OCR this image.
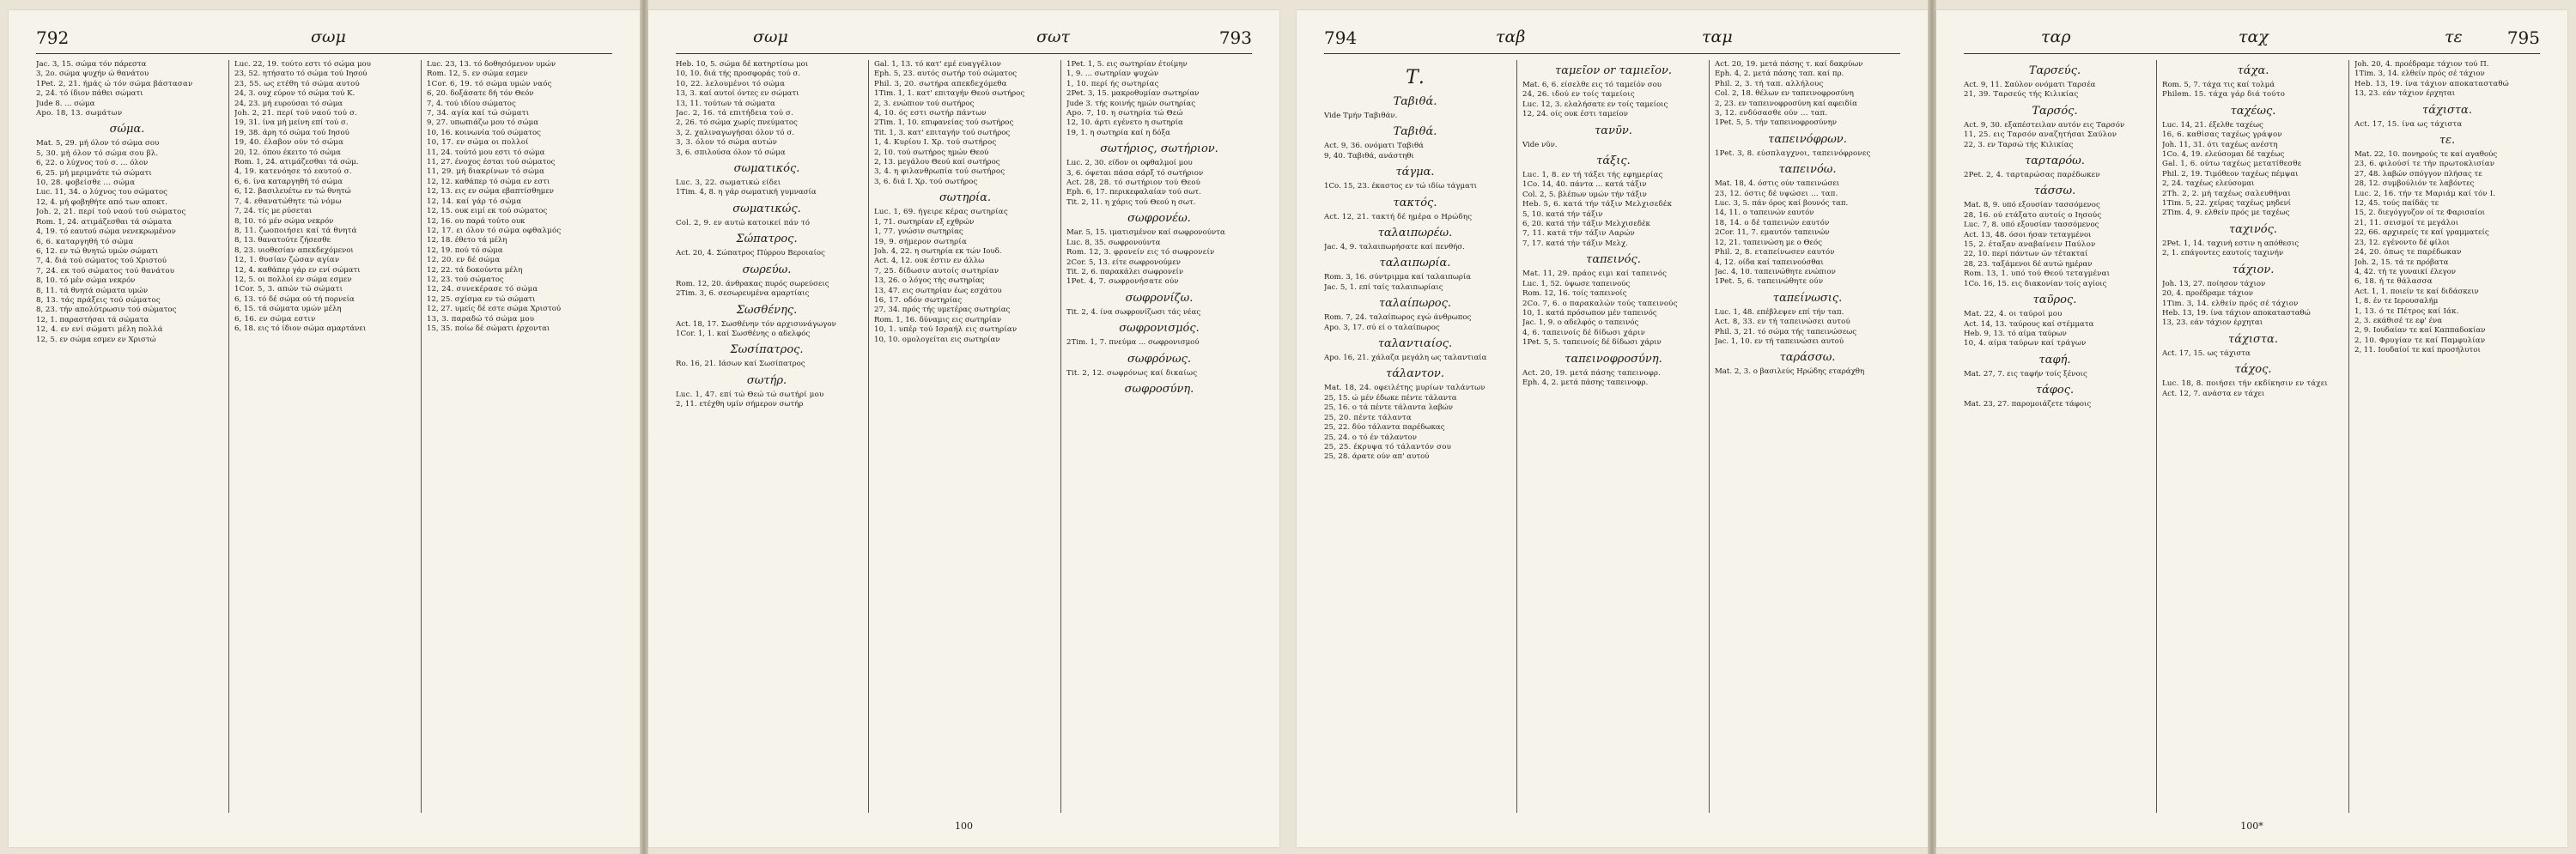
792	σωμ
Jac. 3, 15. σώμα τόν πάρεστα
3, 2ο. σώμα ψυχήν ώ θανάτου
1Pet. 2, 21. ήμάς ώ τόν σώμα βάστασαν
2, 24. τό ίδιον πάθει σώματι
Jude 8. ... σώμα
Apo. 18, 13. σωμάτων
σώμα.
Mat. 5, 29. μή όλον τό σώμα σου
5, 30. μή όλον τό σώμα σου βλ.
6, 22. ο λύχνος τού σ. ... όλον
6, 25. μή μεριμνάτε τώ σώματι
10, 28. φοβείσθε ... σώμα
Luc. 11, 34. ο λύχνος του σώματος
12, 4. μή φοβηθήτε από των αποκτ.
Joh. 2, 21. περί τού ναού τού σώματος
Rom. 1, 24. ατιμάζεσθαι τά σώματα
4, 19. τό εαυτού σώμα νενεκρωμένον
6, 6. καταργηθή τό σώμα
6, 12. εν τώ θνητώ υμών σώματι
7, 4. διά τού σώματος τού Χριστού
7, 24. εκ τού σώματος τού θανάτου
8, 10. τό μέν σώμα νεκρόν
8, 11. τά θνητά σώματα υμών
8, 13. τάς πράξεις τού σώματος
8, 23. τήν απολύτρωσιν τού σώματος
12, 1. παραστήσαι τά σώματα
12, 4. εν ενί σώματι μέλη πολλά
12, 5. εν σώμα εσμεν εν Χριστώ
Luc. 22, 19. τούτο εστι τό σώμα μου
23, 52. ητήσατο τό σώμα τού Ιησού
23, 55. ως ετέθη τό σώμα αυτού
24, 3. ουχ εύρον τό σώμα τού Κ.
24, 23. μή ευρούσαι τό σώμα
Joh. 2, 21. περί τού ναού τού σ.
19, 31. ίνα μή μείνη επί τού σ.
19, 38. άρη τό σώμα τού Ιησού
19, 40. έλαβον ούν τό σώμα
20, 12. όπου έκειτο τό σώμα
Rom. 1, 24. ατιμάζεσθαι τά σώμ.
4, 19. κατενόησε τό εαυτού σ.
6, 6. ίνα καταργηθή τό σώμα
6, 12. βασιλευέτω εν τώ θνητώ
7, 4. εθανατώθητε τώ νόμω
7, 24. τίς με ρύσεται
8, 10. τό μέν σώμα νεκρόν
8, 11. ζωοποιήσει καί τά θνητά
8, 13. θανατούτε ζήσεσθε
8, 23. υιοθεσίαν απεκδεχόμενοι
12, 1. θυσίαν ζώσαν αγίαν
12, 4. καθάπερ γάρ εν ενί σώματι
12, 5. οι πολλοί εν σώμα εσμεν
1Cor. 5, 3. απών τώ σώματι
6, 13. τό δέ σώμα ού τή πορνεία
6, 15. τά σώματα υμών μέλη
6, 16. εν σώμα εστιν
6, 18. εις τό ίδιον σώμα αμαρτάνει
Luc. 23, 13. τό δοθησόμενον υμών
Rom. 12, 5. εν σώμα εσμεν
1Cor. 6, 19. τό σώμα υμών ναός
6, 20. δοξάσατε δή τόν Θεόν
7, 4. τού ιδίου σώματος
7, 34. αγία καί τώ σώματι
9, 27. υπωπιάζω μου τό σώμα
10, 16. κοινωνία τού σώματος
10, 17. εν σώμα οι πολλοί
11, 24. τούτό μου εστι τό σώμα
11, 27. ένοχος έσται τού σώματος
11, 29. μή διακρίνων τό σώμα
12, 12. καθάπερ τό σώμα εν εστι
12, 13. εις εν σώμα εβαπτίσθημεν
12, 14. καί γάρ τό σώμα
12, 15. ουκ ειμί εκ τού σώματος
12, 16. ου παρά τούτο ουκ
12, 17. ει όλον τό σώμα οφθαλμός
12, 18. έθετο τά μέλη
12, 19. πού τό σώμα
12, 20. εν δέ σώμα
12, 22. τά δοκούντα μέλη
12, 23. τού σώματος
12, 24. συνεκέρασε τό σώμα
12, 25. σχίσμα εν τώ σώματι
12, 27. υμείς δέ εστε σώμα Χριστού
13, 3. παραδώ τό σώμα μου
15, 35. ποίω δέ σώματι έρχονται
σωμ	σωτ	793
Heb. 10, 5. σώμα δέ κατηρτίσω μοι
10, 10. διά τής προσφοράς τού σ.
10, 22. λελουμένοι τό σώμα
13, 3. καί αυτοί όντες εν σώματι
13, 11. τούτων τά σώματα
Jac. 2, 16. τά επιτήδεια τού σ.
2, 26. τό σώμα χωρίς πνεύματος
3, 2. χαλιναγωγήσαι όλον τό σ.
3, 3. όλον τό σώμα αυτών
3, 6. σπιλούσα όλον τό σώμα
σωματικός.
Luc. 3, 22. σωματικώ είδει
1Tim. 4, 8. η γάρ σωματική γυμνασία
σωματικώς.
Col. 2, 9. εν αυτώ κατοικεί πάν τό
Σώπατρος.
Act. 20, 4. Σώπατρος Πύρρου Βεροιαίος
σωρεύω.
Rom. 12, 20. άνθρακας πυρός σωρεύσεις
2Tim. 3, 6. σεσωρευμένα αμαρτίαις
Σωσθένης.
Act. 18, 17. Σωσθένην τόν αρχισυνάγωγον
1Cor. 1, 1. καί Σωσθένης ο αδελφός
Σωσίπατρος.
Ro. 16, 21. Ιάσων καί Σωσίπατρος
σωτήρ.
Luc. 1, 47. επί τώ Θεώ τώ σωτήρί μου
2, 11. ετέχθη υμίν σήμερον σωτήρ
Gal. 1, 13. τό κατ' εμέ ευαγγέλιον
Eph. 5, 23. αυτός σωτήρ τού σώματος
Phil. 3, 20. σωτήρα απεκδεχόμεθα
1Tim. 1, 1. κατ' επιταγήν Θεού σωτήρος
2, 3. ενώπιον τού σωτήρος
4, 10. ός εστι σωτήρ πάντων
2Tim. 1, 10. επιφανείας τού σωτήρος
Tit. 1, 3. κατ' επιταγήν τού σωτήρος
1, 4. Κυρίου Ι. Χρ. τού σωτήρος
2, 10. τού σωτήρος ημών Θεού
2, 13. μεγάλου Θεού καί σωτήρος
3, 4. η φιλανθρωπία τού σωτήρος
3, 6. διά Ι. Χρ. τού σωτήρος
σωτηρία.
Luc. 1, 69. ήγειρε κέρας σωτηρίας
1, 71. σωτηρίαν εξ εχθρών
1, 77. γνώσιν σωτηρίας
19, 9. σήμερον σωτηρία
Joh. 4, 22. η σωτηρία εκ τών Ιουδ.
Act. 4, 12. ουκ έστιν εν άλλω
7, 25. δίδωσιν αυτοίς σωτηρίαν
13, 26. ο λόγος τής σωτηρίας
13, 47. εις σωτηρίαν έως εσχάτου
16, 17. οδόν σωτηρίας
27, 34. πρός τής υμετέρας σωτηρίας
Rom. 1, 16. δύναμις εις σωτηρίαν
10, 1. υπέρ τού Ισραήλ εις σωτηρίαν
10, 10. ομολογείται εις σωτηρίαν
1Pet. 1, 5. εις σωτηρίαν έτοίμην
1, 9. ... σωτηρίαν ψυχών
1, 10. περί ής σωτηρίας
2Pet. 3, 15. μακροθυμίαν σωτηρίαν
Jude 3. τής κοινής ημών σωτηρίας
Apo. 7, 10. η σωτηρία τώ Θεώ
12, 10. άρτι εγένετο η σωτηρία
19, 1. η σωτηρία καί η δόξα
σωτήριος, σωτήριον.
Luc. 2, 30. είδον οι οφθαλμοί μου
3, 6. όψεται πάσα σάρξ τό σωτήριον
Act. 28, 28. τό σωτήριον τού Θεού
Eph. 6, 17. περικεφαλαίαν τού σωτ.
Tit. 2, 11. η χάρις τού Θεού η σωτ.
σωφρονέω.
Mar. 5, 15. ιματισμένον καί σωφρονούντα
Luc. 8, 35. σωφρονούντα
Rom. 12, 3. φρονείν εις τό σωφρονείν
2Cor. 5, 13. είτε σωφρονούμεν
Tit. 2, 6. παρακάλει σωφρονείν
1Pet. 4, 7. σωφρονήσατε ούν
σωφρονίζω.
Tit. 2, 4. ίνα σωφρονίζωσι τάς νέας
σωφρονισμός.
2Tim. 1, 7. πνεύμα ... σωφρονισμού
σωφρόνως.
Tit. 2, 12. σωφρόνως καί δικαίως
σωφροσύνη.
100
794	ταβ	ταμ
Τ.
Ταβιθά.
Vide Τμήν Ταβιθάν.
Ταβιθά.
Act. 9, 36. ονόματι Ταβιθά
9, 40. Ταβιθά, ανάστηθι
τάγμα.
1Co. 15, 23. έκαστος εν τώ ιδίω τάγματι
τακτός.
Act. 12, 21. τακτή δέ ημέρα ο Ηρώδης
ταλαιπωρέω.
Jac. 4, 9. ταλαιπωρήσατε καί πενθήσ.
ταλαιπωρία.
Rom. 3, 16. σύντριμμα καί ταλαιπωρία
Jac. 5, 1. επί ταίς ταλαιπωρίαις
ταλαίπωρος.
Rom. 7, 24. ταλαίπωρος εγώ άνθρωπος
Apo. 3, 17. σύ εί ο ταλαίπωρος
ταλαντιαίος.
Apo. 16, 21. χάλαζα μεγάλη ως ταλαντιαία
τάλαντον.
Mat. 18, 24. οφειλέτης μυρίων ταλάντων
25, 15. ώ μέν έδωκε πέντε τάλαντα
25, 16. ο τά πέντε τάλαντα λαβών
25, 20. πέντε τάλαντα
25, 22. δύο τάλαντα παρέδωκας
25, 24. ο τό έν τάλαντον
25, 25. έκρυψα τό τάλαντόν σου
25, 28. άρατε ούν απ' αυτού
ταμεῖον or ταμιεῖον.
Mat. 6, 6. είσελθε εις τό ταμείόν σου
24, 26. ιδού εν τοίς ταμείοις
Luc. 12, 3. ελαλήσατε εν τοίς ταμείοις
12, 24. οίς ουκ έστι ταμείον
τανῦν.
Vide νῦν.
τάξις.
Luc. 1, 8. εν τή τάξει τής εφημερίας
1Co. 14, 40. πάντα ... κατά τάξιν
Col. 2, 5. βλέπων υμών τήν τάξιν
Heb. 5, 6. κατά τήν τάξιν Μελχισεδέκ
5, 10. κατά τήν τάξιν
6, 20. κατά τήν τάξιν Μελχισεδέκ
7, 11. κατά τήν τάξιν Ααρών
7, 17. κατά τήν τάξιν Μελχ.
ταπεινός.
Mat. 11, 29. πράος ειμι καί ταπεινός
Luc. 1, 52. ύψωσε ταπεινούς
Rom. 12, 16. τοίς ταπεινοίς
2Co. 7, 6. ο παρακαλών τούς ταπεινούς
10, 1. κατά πρόσωπον μέν ταπεινός
Jac. 1, 9. ο αδελφός ο ταπεινός
4, 6. ταπεινοίς δέ δίδωσι χάριν
1Pet. 5, 5. ταπεινοίς δέ δίδωσι χάριν
ταπεινοφροσύνη.
Act. 20, 19. μετά πάσης ταπεινοφρ.
Eph. 4, 2. μετά πάσης ταπεινοφρ.
Act. 20, 19. μετά πάσης τ. καί δακρύων
Eph. 4, 2. μετά πάσης ταπ. καί πρ.
Phil. 2, 3. τή ταπ. αλλήλους
Col. 2, 18. θέλων εν ταπεινοφροσύνη
2, 23. εν ταπεινοφροσύνη καί αφειδία
3, 12. ενδύσασθε ούν ... ταπ.
1Pet. 5, 5. τήν ταπεινοφροσύνην
ταπεινόφρων.
1Pet. 3, 8. εύσπλαγχνοι, ταπεινόφρονες
ταπεινόω.
Mat. 18, 4. όστις ούν ταπεινώσει
23, 12. όστις δέ υψώσει ... ταπ.
Luc. 3, 5. πάν όρος καί βουνός ταπ.
14, 11. ο ταπεινών εαυτόν
18, 14. ο δέ ταπεινών εαυτόν
2Cor. 11, 7. εμαυτόν ταπεινών
12, 21. ταπεινώση με ο Θεός
Phil. 2, 8. εταπείνωσεν εαυτόν
4, 12. οίδα καί ταπεινούσθαι
Jac. 4, 10. ταπεινώθητε ενώπιον
1Pet. 5, 6. ταπεινώθητε ούν
ταπείνωσις.
Luc. 1, 48. επέβλεψεν επί τήν ταπ.
Act. 8, 33. εν τή ταπεινώσει αυτού
Phil. 3, 21. τό σώμα τής ταπεινώσεως
Jac. 1, 10. εν τή ταπεινώσει αυτού
ταράσσω.
Mat. 2, 3. ο βασιλεύς Ηρώδης εταράχθη
ταρ	ταχ	τε	795
Ταρσεύς.
Act. 9, 11. Σαύλον ονόματι Ταρσέα
21, 39. Ταρσεύς τής Κιλικίας
Ταρσός.
Act. 9, 30. εξαπέστειλαν αυτόν εις Ταρσόν
11, 25. εις Ταρσόν αναζητήσαι Σαύλον
22, 3. εν Ταρσώ τής Κιλικίας
ταρταρόω.
2Pet. 2, 4. ταρταρώσας παρέδωκεν
τάσσω.
Mat. 8, 9. υπό εξουσίαν τασσόμενος
28, 16. ού ετάξατο αυτοίς ο Ιησούς
Luc. 7, 8. υπό εξουσίαν τασσόμενος
Act. 13, 48. όσοι ήσαν τεταγμένοι
15, 2. έταξαν αναβαίνειν Παύλον
22, 10. περί πάντων ών τέτακταί
28, 23. ταξάμενοι δέ αυτώ ημέραν
Rom. 13, 1. υπό τού Θεού τεταγμέναι
1Co. 16, 15. εις διακονίαν τοίς αγίοις
ταῦρος.
Mat. 22, 4. οι ταύροί μου
Act. 14, 13. ταύρους καί στέμματα
Heb. 9, 13. τό αίμα ταύρων
10, 4. αίμα ταύρων καί τράγων
ταφή.
Mat. 27, 7. εις ταφήν τοίς ξένοις
τάφος.
Mat. 23, 27. παρομοιάζετε τάφοις
τάχα.
Rom. 5, 7. τάχα τις καί τολμά
Philem. 15. τάχα γάρ διά τούτο
ταχέως.
Luc. 14, 21. έξελθε ταχέως
16, 6. καθίσας ταχέως γράψον
Joh. 11, 31. ότι ταχέως ανέστη
1Co. 4, 19. ελεύσομαι δέ ταχέως
Gal. 1, 6. ούτω ταχέως μετατίθεσθε
Phil. 2, 19. Τιμόθεον ταχέως πέμψαι
2, 24. ταχέως ελεύσομαι
2Th. 2, 2. μή ταχέως σαλευθήναι
1Tim. 5, 22. χείρας ταχέως μηδενί
2Tim. 4, 9. ελθείν πρός με ταχέως
ταχινός.
2Pet. 1, 14. ταχινή εστιν η απόθεσις
2, 1. επάγοντες εαυτοίς ταχινήν
τάχιον.
Joh. 13, 27. ποίησον τάχιον
20, 4. προέδραμε τάχιον
1Tim. 3, 14. ελθείν πρός σέ τάχιον
Heb. 13, 19. ίνα τάχιον αποκατασταθώ
13, 23. εάν τάχιον έρχηται
τάχιστα.
Act. 17, 15. ως τάχιστα
τάχος.
Luc. 18, 8. ποιήσει τήν εκδίκησιν εν τάχει
Act. 12, 7. ανάστα εν τάχει
Joh. 20, 4. προέδραμε τάχιον τού Π.
1Tim. 3, 14. ελθείν πρός σέ τάχιον
Heb. 13, 19. ίνα τάχιον αποκατασταθώ
13, 23. εάν τάχιον έρχηται
τάχιστα.
Act. 17, 15. ίνα ως τάχιστα
τε.
Mat. 22, 10. πονηρούς τε καί αγαθούς
23, 6. φιλούσί τε τήν πρωτοκλισίαν
27, 48. λαβών σπόγγον πλήσας τε
28, 12. συμβούλιόν τε λαβόντες
Luc. 2, 16. τήν τε Μαριάμ καί τόν Ι.
12, 45. τούς παίδάς τε
15, 2. διεγόγγυζον οί τε Φαρισαίοι
21, 11. σεισμοί τε μεγάλοι
22, 66. αρχιερείς τε καί γραμματείς
23, 12. εγένοντο δέ φίλοι
24, 20. όπως τε παρέδωκαν
Joh. 2, 15. τά τε πρόβατα
4, 42. τή τε γυναικί έλεγον
6, 18. ή τε θάλασσα
Act. 1, 1. ποιείν τε καί διδάσκειν
1, 8. έν τε Ιερουσαλήμ
1, 13. ό τε Πέτρος καί Ιάκ.
2, 3. εκάθισέ τε εφ' ένα
2, 9. Ιουδαίαν τε καί Καππαδοκίαν
2, 10. Φρυγίαν τε καί Παμφυλίαν
2, 11. Ιουδαίοί τε καί προσήλυτοι
100*
